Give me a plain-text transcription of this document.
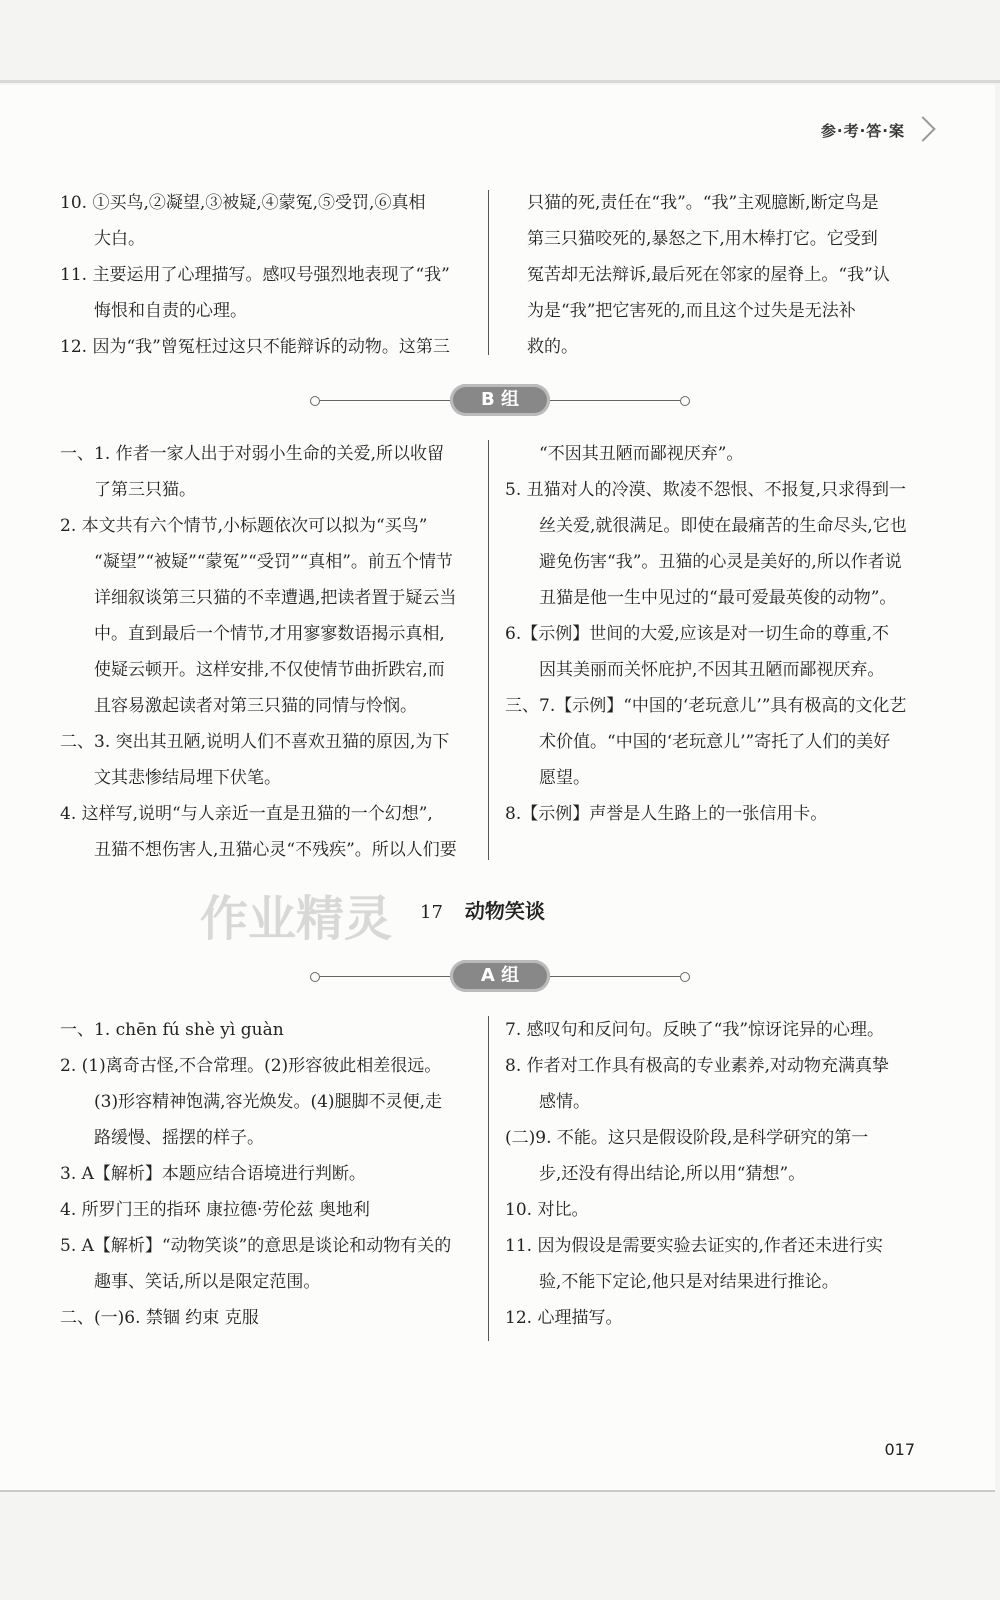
参·考·答·案

10. ①买鸟,②凝望,③被疑,④蒙冤,⑤受罚,⑥真相

大白。

11. 主要运用了心理描写。感叹号强烈地表现了“我”

悔恨和自责的心理。

12. 因为“我”曾冤枉过这只不能辩诉的动物。这第三

只猫的死,责任在“我”。“我”主观臆断,断定鸟是

第三只猫咬死的,暴怒之下,用木棒打它。它受到

冤苦却无法辩诉,最后死在邻家的屋脊上。“我”认

为是“我”把它害死的,而且这个过失是无法补

救的。

B 组

一、1. 作者一家人出于对弱小生命的关爱,所以收留

了第三只猫。

2. 本文共有六个情节,小标题依次可以拟为“买鸟”

“凝望”“被疑”“蒙冤”“受罚”“真相”。前五个情节

详细叙谈第三只猫的不幸遭遇,把读者置于疑云当

中。直到最后一个情节,才用寥寥数语揭示真相,

使疑云顿开。这样安排,不仅使情节曲折跌宕,而

且容易激起读者对第三只猫的同情与怜悯。

二、3. 突出其丑陋,说明人们不喜欢丑猫的原因,为下

文其悲惨结局埋下伏笔。

4. 这样写,说明“与人亲近一直是丑猫的一个幻想”,

丑猫不想伤害人,丑猫心灵“不残疾”。所以人们要

“不因其丑陋而鄙视厌弃”。

5. 丑猫对人的冷漠、欺凌不怨恨、不报复,只求得到一

丝关爱,就很满足。即使在最痛苦的生命尽头,它也

避免伤害“我”。丑猫的心灵是美好的,所以作者说

丑猫是他一生中见过的“最可爱最英俊的动物”。

6.【示例】世间的大爱,应该是对一切生命的尊重,不

因其美丽而关怀庇护,不因其丑陋而鄙视厌弃。

三、7.【示例】“中国的‘老玩意儿’”具有极高的文化艺

术价值。“中国的‘老玩意儿’”寄托了人们的美好

愿望。

8.【示例】声誉是人生路上的一张信用卡。

作业精灵 17 动物笑谈
A 组

一、1. chēn fú shè yì guàn

2. (1)离奇古怪,不合常理。(2)形容彼此相差很远。

(3)形容精神饱满,容光焕发。(4)腿脚不灵便,走

路缓慢、摇摆的样子。

3. A【解析】本题应结合语境进行判断。

4. 所罗门王的指环 康拉德·劳伦兹 奥地利

5. A【解析】“动物笑谈”的意思是谈论和动物有关的

趣事、笑话,所以是限定范围。

二、(一)6. 禁锢 约束 克服

7. 感叹句和反问句。反映了“我”惊讶诧异的心理。

8. 作者对工作具有极高的专业素养,对动物充满真挚

感情。

(二)9. 不能。这只是假设阶段,是科学研究的第一

步,还没有得出结论,所以用“猜想”。

10. 对比。

11. 因为假设是需要实验去证实的,作者还未进行实

验,不能下定论,他只是对结果进行推论。

12. 心理描写。

017
